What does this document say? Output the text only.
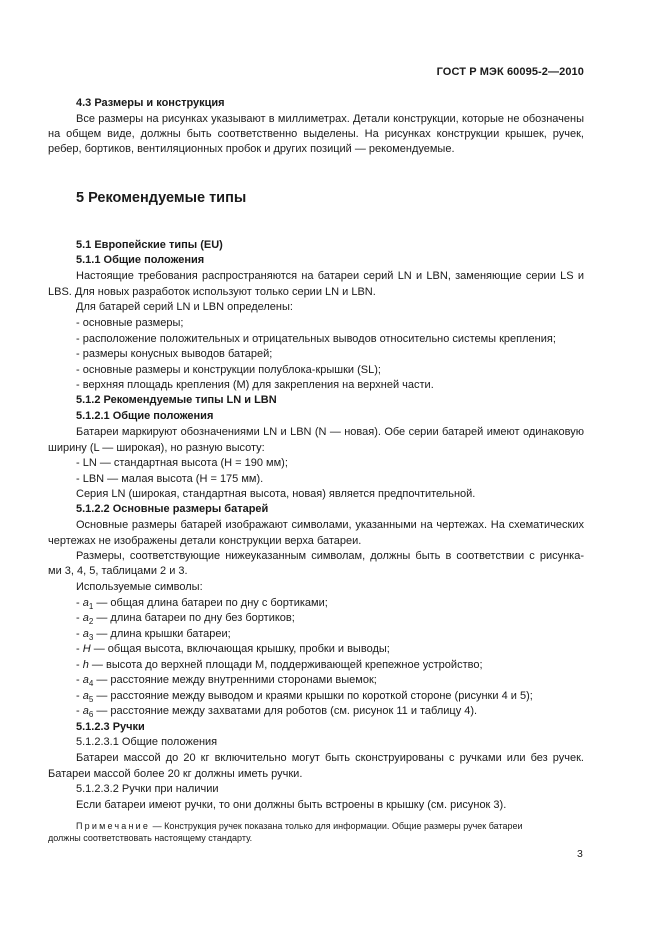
ГОСТ Р МЭК 60095-2—2010
4.3 Размеры и конструкция
Все размеры на рисунках указывают в миллиметрах. Детали конструкции, которые не обозначены
на общем виде, должны быть соответственно выделены. На рисунках конструкции крышек, ручек,
ребер, бортиков, вентиляционных пробок и других позиций — рекомендуемые.
5 Рекомендуемые типы
5.1 Европейские типы (EU)
5.1.1 Общие положения
Настоящие требования распространяются на батареи серий LN и LBN, заменяющие серии LS и
LBS. Для новых разработок используют только серии LN и LBN.
Для батарей серий LN и LBN определены:
- основные размеры;
- расположение положительных и отрицательных выводов относительно системы крепления;
- размеры конусных выводов батарей;
- основные размеры и конструкции полублока-крышки (SL);
- верхняя площадь крепления (М) для закрепления на верхней части.
5.1.2 Рекомендуемые типы LN и LBN
5.1.2.1 Общие положения
Батареи маркируют обозначениями LN и LBN (N — новая). Обе серии батарей имеют одинаковую
ширину (L — широкая), но разную высоту:
- LN — стандартная высота (H = 190 мм);
- LBN — малая высота (H = 175 мм).
Серия LN (широкая, стандартная высота, новая) является предпочтительной.
5.1.2.2 Основные размеры батарей
Основные размеры батарей изображают символами, указанными на чертежах. На схематических
чертежах не изображены детали конструкции верха батареи.
Размеры, соответствующие нижеуказанным символам, должны быть в соответствии с рисунка-
ми 3, 4, 5, таблицами 2 и 3.
Используемые символы:
- $a_1$ — общая длина батареи по дну с бортиками;
- $a_2$ — длина батареи по дну без бортиков;
- $a_3$ — длина крышки батареи;
- H — общая высота, включающая крышку, пробки и выводы;
- h — высота до верхней площади М, поддерживающей крепежное устройство;
- $a_4$ — расстояние между внутренними сторонами выемок;
- $a_5$ — расстояние между выводом и краями крышки по короткой стороне (рисунки 4 и 5);
- $a_6$ — расстояние между захватами для роботов (см. рисунок 11 и таблицу 4).
5.1.2.3 Ручки
5.1.2.3.1 Общие положения
Батареи массой до 20 кг включительно могут быть сконструированы с ручками или без ручек.
Батареи массой более 20 кг должны иметь ручки.
5.1.2.3.2 Ручки при наличии
Если батареи имеют ручки, то они должны быть встроены в крышку (см. рисунок 3).
Примечание — Конструкция ручек показана только для информации. Общие размеры ручек батареи
должны соответствовать настоящему стандарту.
3
